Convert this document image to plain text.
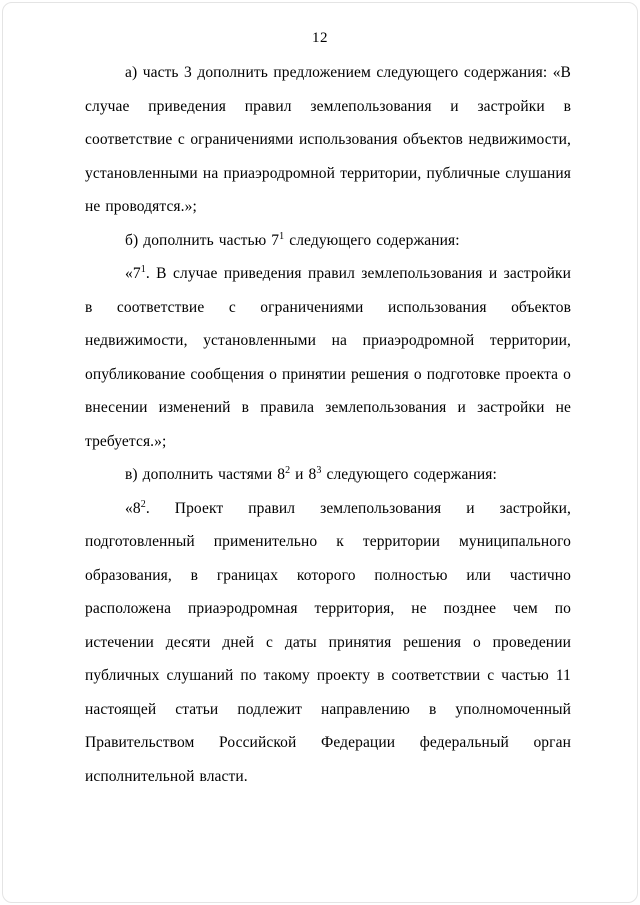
12

а) часть 3 дополнить предложением следующего содержания: «В случае приведения правил землепользования и застройки в соответствие с ограничениями использования объектов недвижимости, установленными на приаэродромной территории, публичные слушания не проводятся.»;

б) дополнить частью $7^1$ следующего содержания:

«$7^1$. В случае приведения правил землепользования и застройки в соответствие с ограничениями использования объектов недвижимости, установленными на приаэродромной территории, опубликование сообщения о принятии решения о подготовке проекта о внесении изменений в правила землепользования и застройки не требуется.»;

в) дополнить частями $8^2$ и $8^3$ следующего содержания:

«$8^2$. Проект правил землепользования и застройки, подготовленный применительно к территории муниципального образования, в границах которого полностью или частично расположена приаэродромная территория, не позднее чем по истечении десяти дней с даты принятия решения о проведении публичных слушаний по такому проекту в соответствии с частью 11 настоящей статьи подлежит направлению в уполномоченный Правительством Российской Федерации федеральный орган исполнительной власти.
